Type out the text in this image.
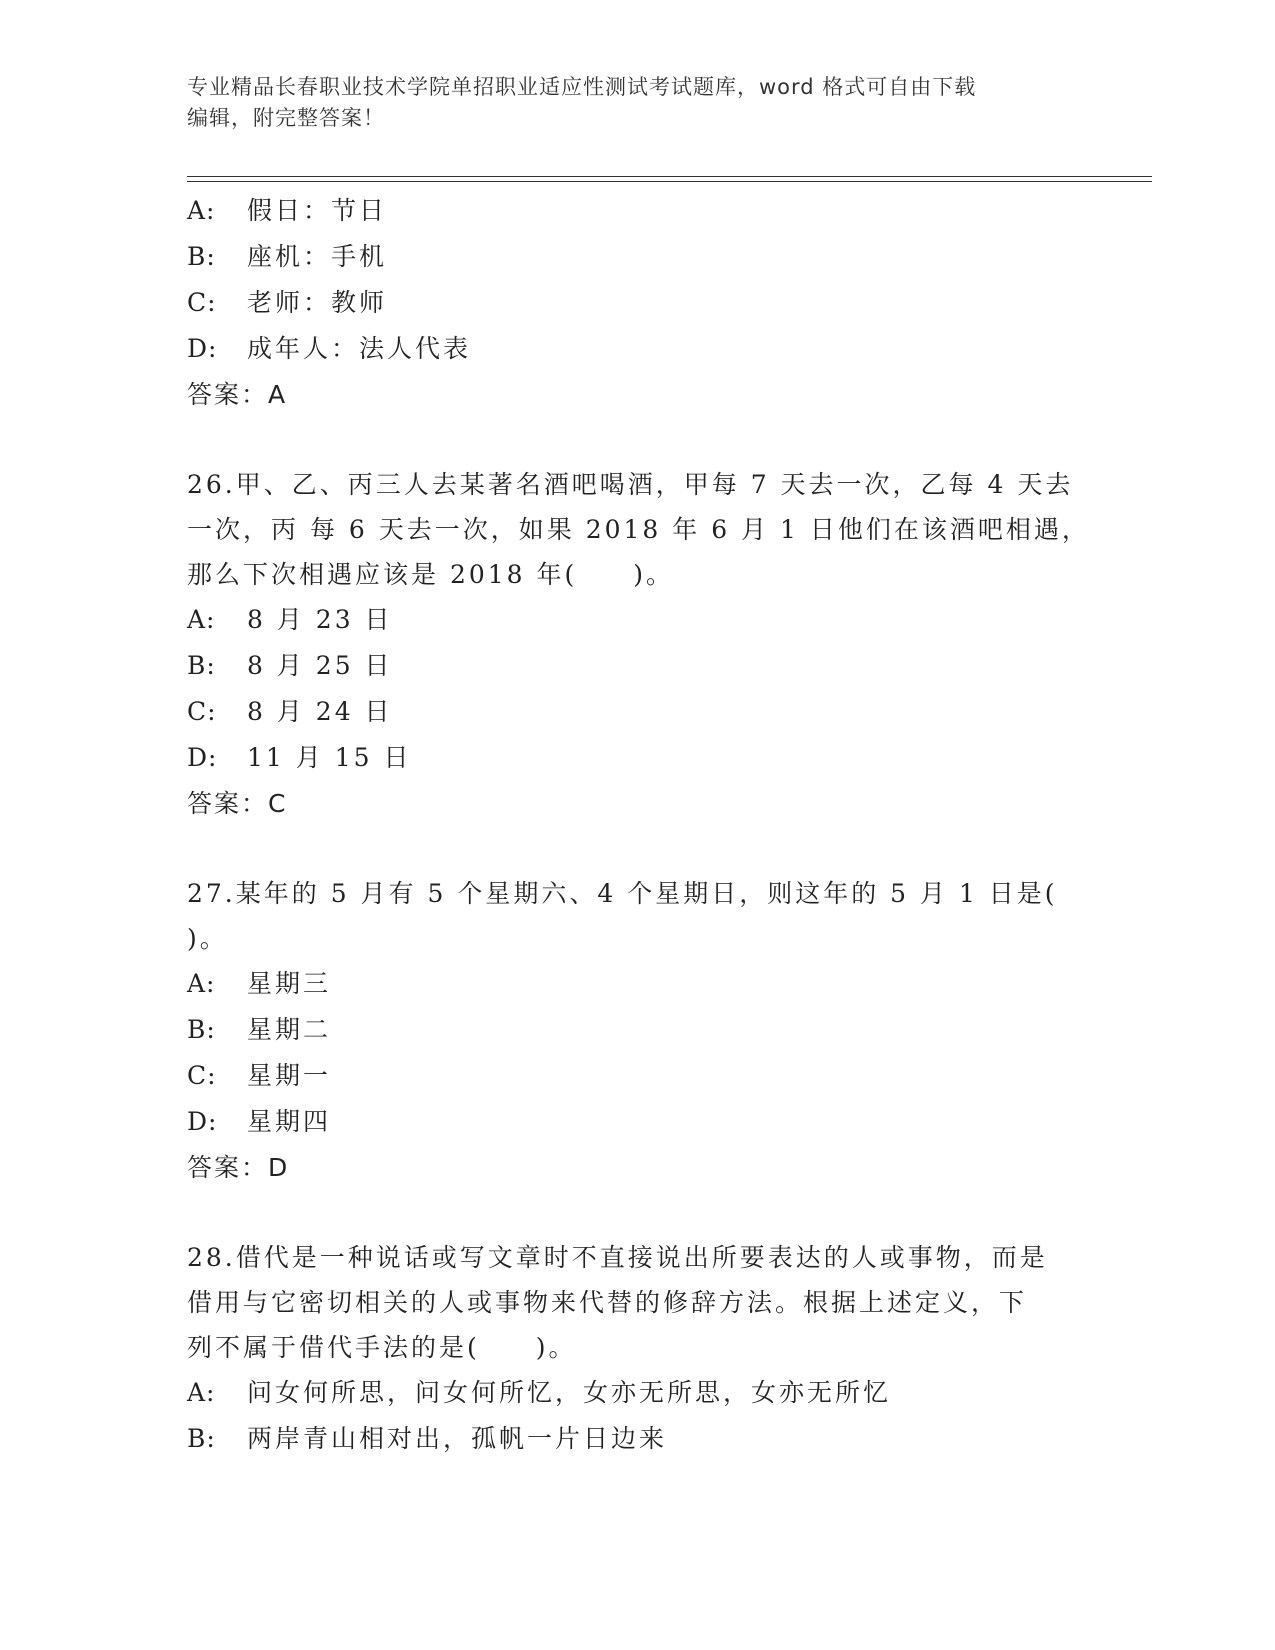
专业精品长春职业技术学院单招职业适应性测试考试题库，word 格式可自由下载
编辑，附完整答案！
A:	假日：节日
B:	座机：手机
C:	老师：教师
D:	成年人：法人代表
答案：A
26.甲、乙、丙三人去某著名酒吧喝酒，甲每 7 天去一次，乙每 4 天去
一次，丙 每 6 天去一次，如果 2018 年 6 月 1 日他们在该酒吧相遇，
那么下次相遇应该是 2018 年(　　)。
A:	8 月 23 日
B:	8 月 25 日
C:	8 月 24 日
D:	11 月 15 日
答案：C
27.某年的 5 月有 5 个星期六、4 个星期日，则这年的 5 月 1 日是(
)。
A:	星期三
B:	星期二
C:	星期一
D:	星期四
答案：D
28.借代是一种说话或写文章时不直接说出所要表达的人或事物，而是
借用与它密切相关的人或事物来代替的修辞方法。根据上述定义，下
列不属于借代手法的是(　　)。
A:	问女何所思，问女何所忆，女亦无所思，女亦无所忆
B:	两岸青山相对出，孤帆一片日边来
